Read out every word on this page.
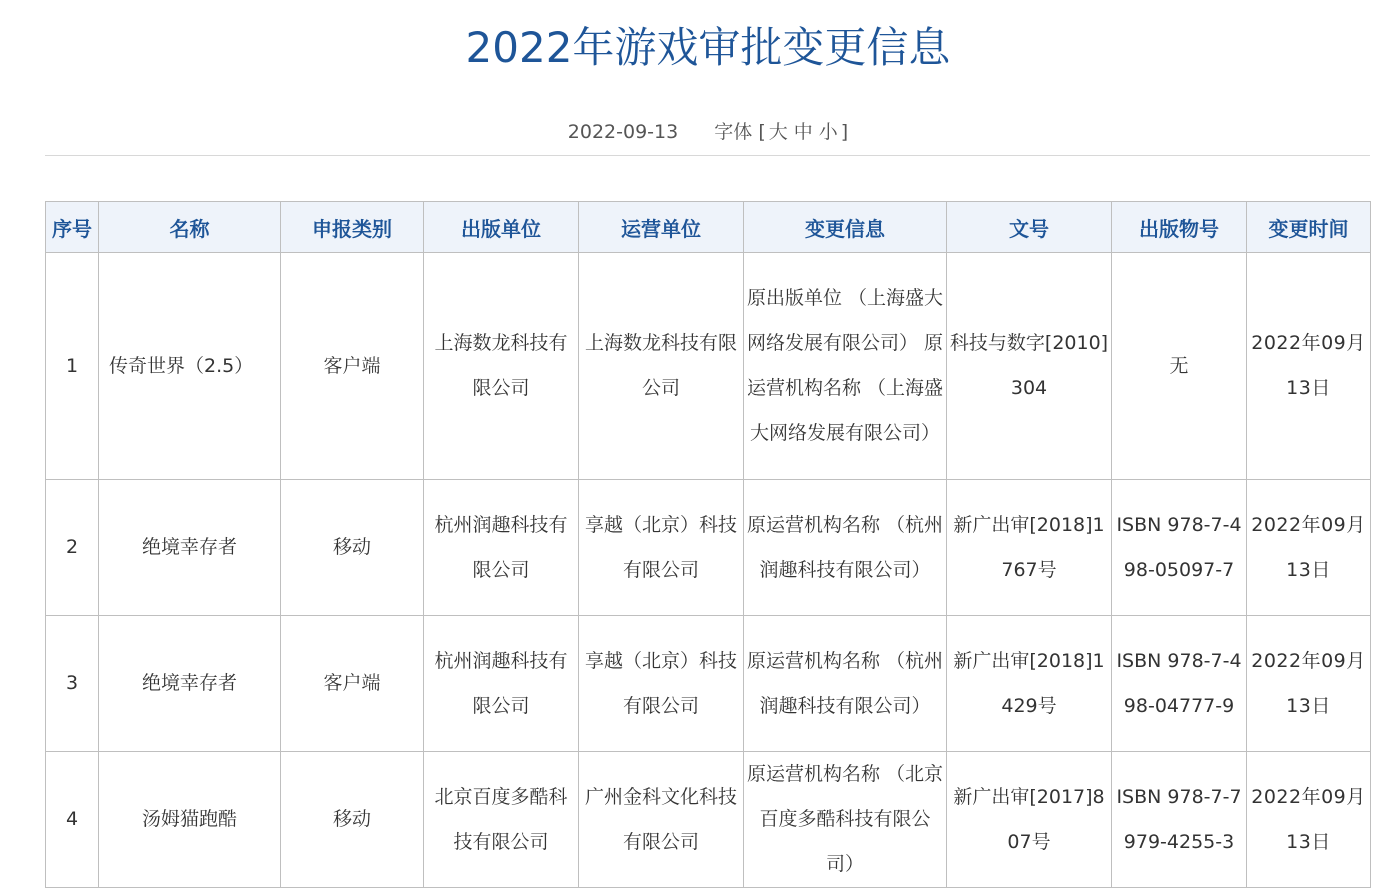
2022年游戏审批变更信息
2022-09-13 字体 [ 大 中 小 ]
序号	名称	申报类别	出版单位	运营单位	变更信息	文号	出版物号	变更时间
1	传奇世界（2.5）	客户端	上海数龙科技有限公司	上海数龙科技有限公司	原出版单位 （上海盛大网络发展有限公司） 原运营机构名称 （上海盛大网络发展有限公司）	科技与数字[2010]304	无	2022年09月13日
2	绝境幸存者	移动	杭州润趣科技有限公司	享越（北京）科技有限公司	原运营机构名称 （杭州润趣科技有限公司）	新广出审[2018]1767号	ISBN 978-7-498-05097-7	2022年09月13日
3	绝境幸存者	客户端	杭州润趣科技有限公司	享越（北京）科技有限公司	原运营机构名称 （杭州润趣科技有限公司）	新广出审[2018]1429号	ISBN 978-7-498-04777-9	2022年09月13日
4	汤姆猫跑酷	移动	北京百度多酷科技有限公司	广州金科文化科技有限公司	原运营机构名称 （北京百度多酷科技有限公司）	新广出审[2017]807号	ISBN 978-7-7979-4255-3	2022年09月13日
